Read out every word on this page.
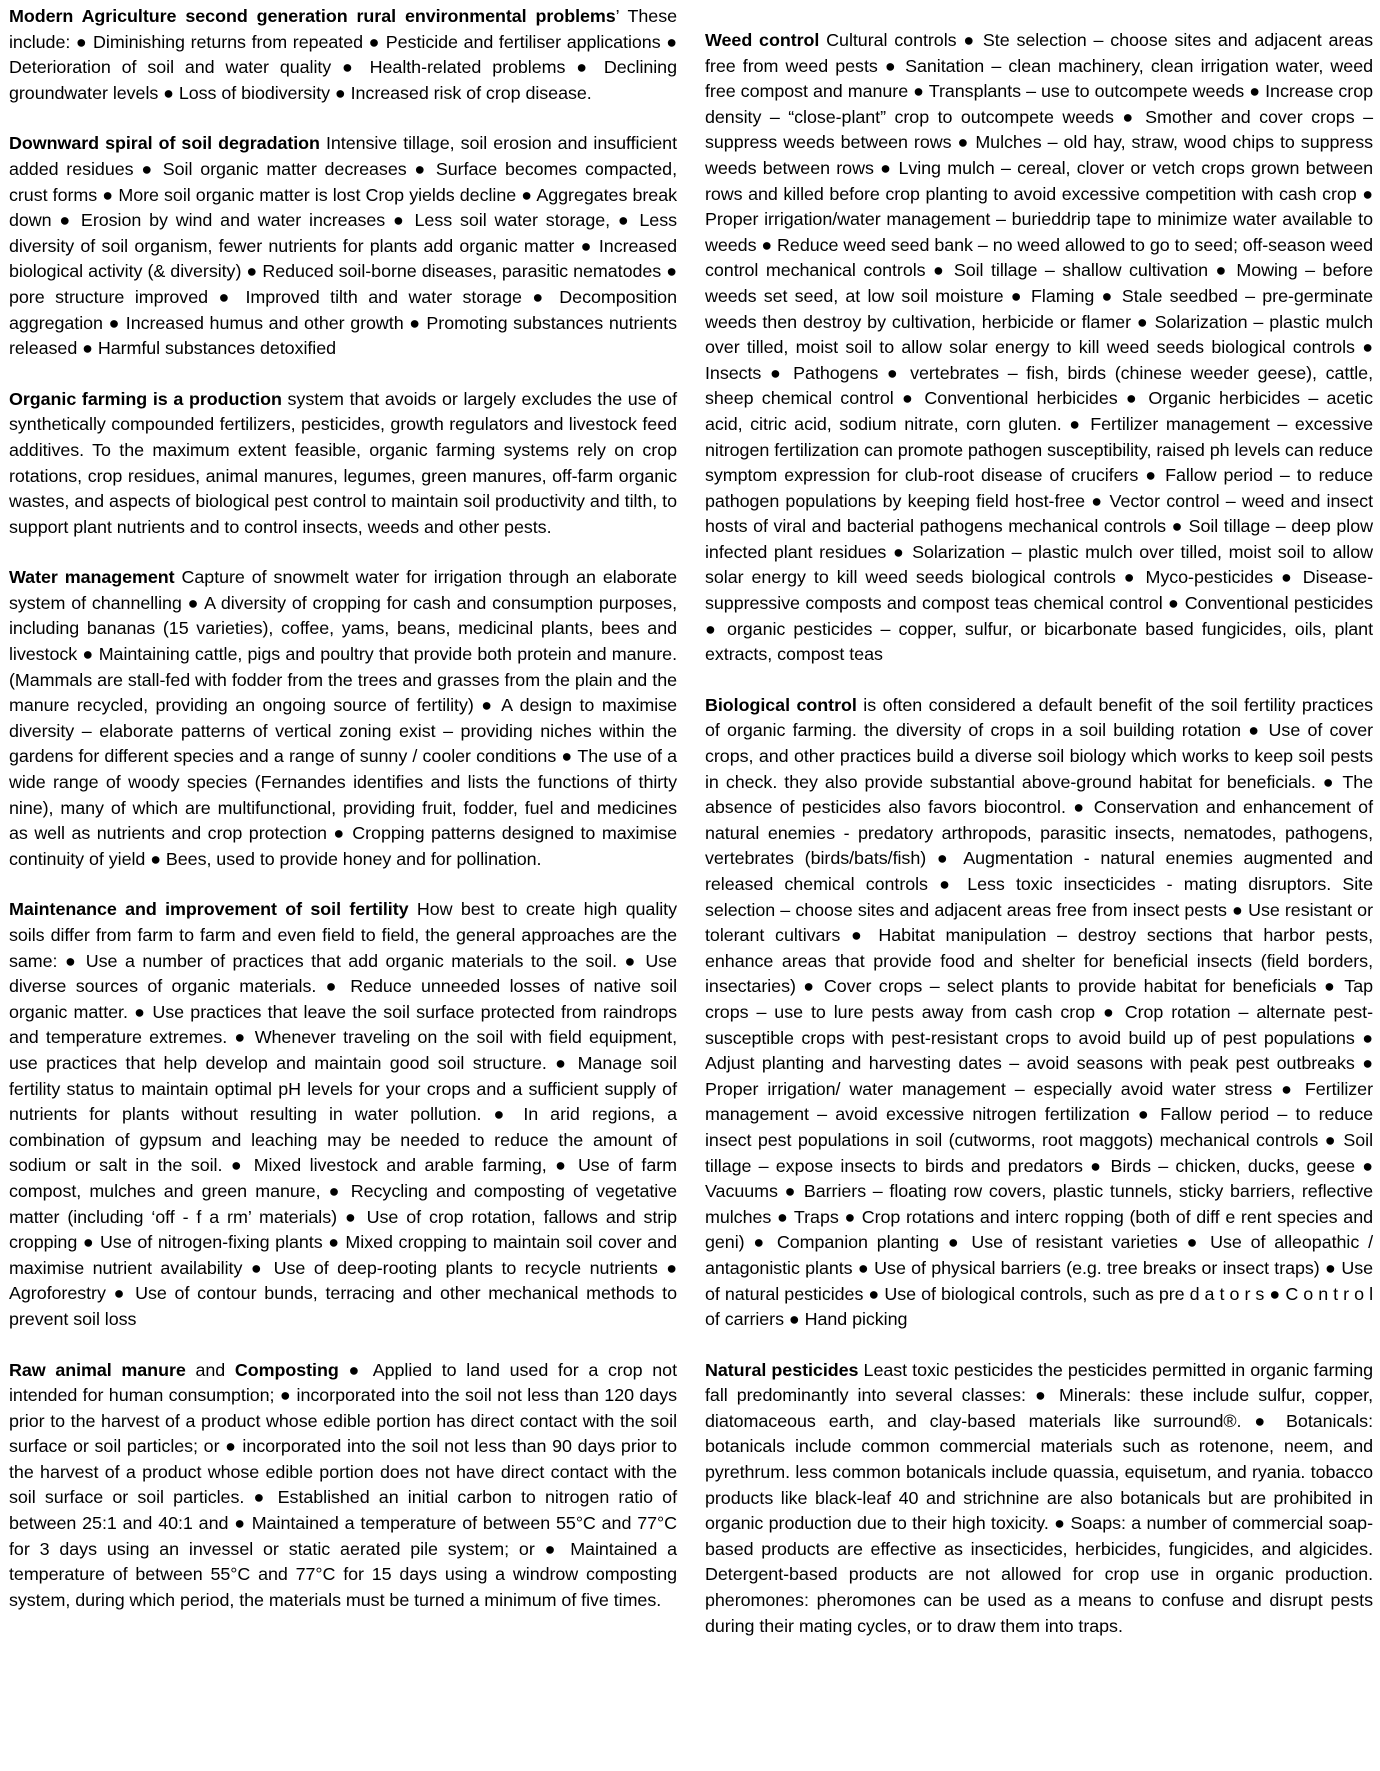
Modern Agriculture second generation rural environmental problems’ These include: ● Diminishing returns from repeated ● Pesticide and fertiliser applications ● Deterioration of soil and water quality ● Health-related problems ● Declining groundwater levels ● Loss of biodiversity ● Increased risk of crop disease.

Downward spiral of soil degradation Intensive tillage, soil erosion and insufficient added residues ● Soil organic matter decreases ● Surface becomes compacted, crust forms ● More soil organic matter is lost Crop yields decline ● Aggregates break down ● Erosion by wind and water increases ● Less soil water storage, ● Less diversity of soil organism, fewer nutrients for plants add organic matter ● Increased biological activity (& diversity) ● Reduced soil-borne diseases, parasitic nematodes ● pore structure improved ● Improved tilth and water storage ● Decomposition aggregation ● Increased humus and other growth ● Promoting substances nutrients released ● Harmful substances detoxified

Organic farming is a production system that avoids or largely excludes the use of synthetically compounded fertilizers, pesticides, growth regulators and livestock feed additives. To the maximum extent feasible, organic farming systems rely on crop rotations, crop residues, animal manures, legumes, green manures, off-farm organic wastes, and aspects of biological pest control to maintain soil productivity and tilth, to support plant nutrients and to control insects, weeds and other pests.

Water management Capture of snowmelt water for irrigation through an elaborate system of channelling ● A diversity of cropping for cash and consumption purposes, including bananas (15 varieties), coffee, yams, beans, medicinal plants, bees and livestock ● Maintaining cattle, pigs and poultry that provide both protein and manure. (Mammals are stall-fed with fodder from the trees and grasses from the plain and the manure recycled, providing an ongoing source of fertility) ● A design to maximise diversity – elaborate patterns of vertical zoning exist – providing niches within the gardens for different species and a range of sunny / cooler conditions ● The use of a wide range of woody species (Fernandes identifies and lists the functions of thirty nine), many of which are multifunctional, providing fruit, fodder, fuel and medicines as well as nutrients and crop protection ● Cropping patterns designed to maximise continuity of yield ● Bees, used to provide honey and for pollination.

Maintenance and improvement of soil fertility How best to create high quality soils differ from farm to farm and even field to field, the general approaches are the same: ● Use a number of practices that add organic materials to the soil. ● Use diverse sources of organic materials. ● Reduce unneeded losses of native soil organic matter. ● Use practices that leave the soil surface protected from raindrops and temperature extremes. ● Whenever traveling on the soil with field equipment, use practices that help develop and maintain good soil structure. ● Manage soil fertility status to maintain optimal pH levels for your crops and a sufficient supply of nutrients for plants without resulting in water pollution. ● In arid regions, a combination of gypsum and leaching may be needed to reduce the amount of sodium or salt in the soil. ● Mixed livestock and arable farming, ● Use of farm compost, mulches and green manure, ● Recycling and composting of vegetative matter (including ‘off - f a rm’ materials) ● Use of crop rotation, fallows and strip cropping ● Use of nitrogen-fixing plants ● Mixed cropping to maintain soil cover and maximise nutrient availability ● Use of deep-rooting plants to recycle nutrients ● Agroforestry ● Use of contour bunds, terracing and other mechanical methods to prevent soil loss

Raw animal manure and Composting ● Applied to land used for a crop not intended for human consumption; ● incorporated into the soil not less than 120 days prior to the harvest of a product whose edible portion has direct contact with the soil surface or soil particles; or ● incorporated into the soil not less than 90 days prior to the harvest of a product whose edible portion does not have direct contact with the soil surface or soil particles. ● Established an initial carbon to nitrogen ratio of between 25:1 and 40:1 and ● Maintained a temperature of between 55°C and 77°C for 3 days using an invessel or static aerated pile system; or ● Maintained a temperature of between 55°C and 77°C for 15 days using a windrow composting system, during which period, the materials must be turned a minimum of five times.

Weed control Cultural controls ● Ste selection – choose sites and adjacent areas free from weed pests ● Sanitation – clean machinery, clean irrigation water, weed free compost and manure ● Transplants – use to outcompete weeds ● Increase crop density – “close-plant” crop to outcompete weeds ● Smother and cover crops – suppress weeds between rows ● Mulches – old hay, straw, wood chips to suppress weeds between rows ● Lving mulch – cereal, clover or vetch crops grown between rows and killed before crop planting to avoid excessive competition with cash crop ● Proper irrigation/water management – burieddrip tape to minimize water available to weeds ● Reduce weed seed bank – no weed allowed to go to seed; off-season weed control mechanical controls ● Soil tillage – shallow cultivation ● Mowing – before weeds set seed, at low soil moisture ● Flaming ● Stale seedbed – pre-germinate weeds then destroy by cultivation, herbicide or flamer ● Solarization – plastic mulch over tilled, moist soil to allow solar energy to kill weed seeds biological controls ● Insects ● Pathogens ● vertebrates – fish, birds (chinese weeder geese), cattle, sheep chemical control ● Conventional herbicides ● Organic herbicides – acetic acid, citric acid, sodium nitrate, corn gluten. ● Fertilizer management – excessive nitrogen fertilization can promote pathogen susceptibility, raised ph levels can reduce symptom expression for club-root disease of crucifers ● Fallow period – to reduce pathogen populations by keeping field host-free ● Vector control – weed and insect hosts of viral and bacterial pathogens mechanical controls ● Soil tillage – deep plow infected plant residues ● Solarization – plastic mulch over tilled, moist soil to allow solar energy to kill weed seeds biological controls ● Myco-pesticides ● Disease-suppressive composts and compost teas chemical control ● Conventional pesticides ● organic pesticides – copper, sulfur, or bicarbonate based fungicides, oils, plant extracts, compost teas

Biological control is often considered a default benefit of the soil fertility practices of organic farming. the diversity of crops in a soil building rotation ● Use of cover crops, and other practices build a diverse soil biology which works to keep soil pests in check. they also provide substantial above-ground habitat for beneficials. ● The absence of pesticides also favors biocontrol. ● Conservation and enhancement of natural enemies - predatory arthropods, parasitic insects, nematodes, pathogens, vertebrates (birds/bats/fish) ● Augmentation - natural enemies augmented and released chemical controls ● Less toxic insecticides - mating disruptors. Site selection – choose sites and adjacent areas free from insect pests ● Use resistant or tolerant cultivars ● Habitat manipulation – destroy sections that harbor pests, enhance areas that provide food and shelter for beneficial insects (field borders, insectaries) ● Cover crops – select plants to provide habitat for beneficials ● Tap crops – use to lure pests away from cash crop ● Crop rotation – alternate pest-susceptible crops with pest-resistant crops to avoid build up of pest populations ● Adjust planting and harvesting dates – avoid seasons with peak pest outbreaks ● Proper irrigation/ water management – especially avoid water stress ● Fertilizer management – avoid excessive nitrogen fertilization ● Fallow period – to reduce insect pest populations in soil (cutworms, root maggots) mechanical controls ● Soil tillage – expose insects to birds and predators ● Birds – chicken, ducks, geese ● Vacuums ● Barriers – floating row covers, plastic tunnels, sticky barriers, reflective mulches ● Traps ● Crop rotations and interc ropping (both of diff e rent species and geni) ● Companion planting ● Use of resistant varieties ● Use of alleopathic / antagonistic plants ● Use of physical barriers (e.g. tree breaks or insect traps) ● Use of natural pesticides ● Use of biological controls, such as pre d a t o r s ● C o n t r o l of carriers ● Hand picking

Natural pesticides Least toxic pesticides the pesticides permitted in organic farming fall predominantly into several classes: ● Minerals: these include sulfur, copper, diatomaceous earth, and clay-based materials like surround®. ● Botanicals: botanicals include common commercial materials such as rotenone, neem, and pyrethrum. less common botanicals include quassia, equisetum, and ryania. tobacco products like black-leaf 40 and strichnine are also botanicals but are prohibited in organic production due to their high toxicity. ● Soaps: a number of commercial soap-based products are effective as insecticides, herbicides, fungicides, and algicides. Detergent-based products are not allowed for crop use in organic production. pheromones: pheromones can be used as a means to confuse and disrupt pests during their mating cycles, or to draw them into traps.
